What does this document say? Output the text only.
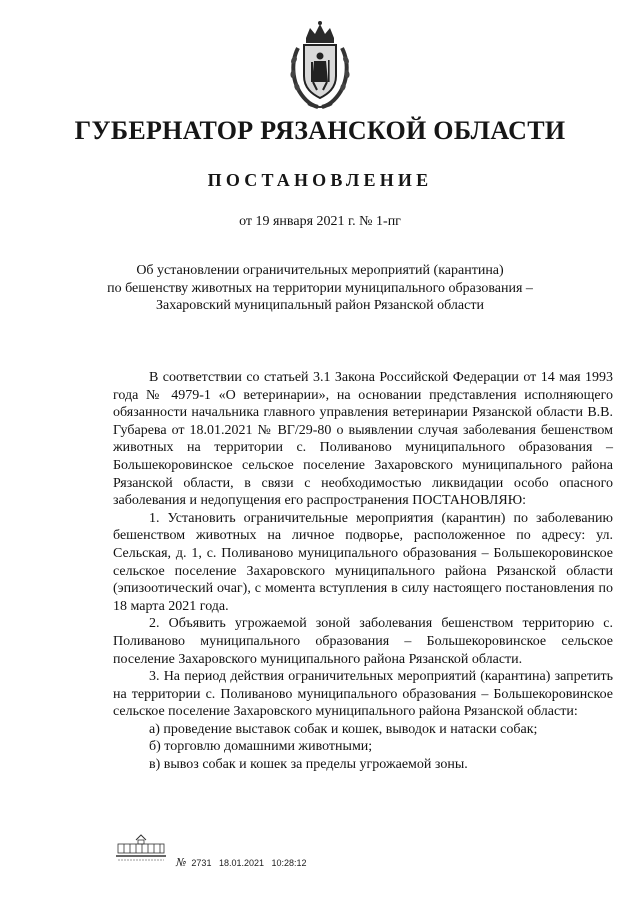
ГУБЕРНАТОР РЯЗАНСКОЙ ОБЛАСТИ
ПОСТАНОВЛЕНИЕ
от 19 января 2021 г. № 1-пг
Об установлении ограничительных мероприятий (карантина)
по бешенству животных на территории муниципального образования –
Захаровский муниципальный район Рязанской области

В соответствии со статьей 3.1 Закона Российской Федерации от 14 мая 1993 года № 4979-1 «О ветеринарии», на основании представления исполняющего обязанности начальника главного управления ветеринарии Рязанской области В.В. Губарева от 18.01.2021 № ВГ/29-80 о выявлении случая заболевания бешенством животных на территории с. Поливаново муниципального образования – Большекоровинское сельское поселение Захаровского муниципального района Рязанской области, в связи с необходимостью ликвидации особо опасного заболевания и недопущения его распространения ПОСТАНОВЛЯЮ:

1. Установить ограничительные мероприятия (карантин) по заболеванию бешенством животных на личное подворье, расположенное по адресу: ул. Сельская, д. 1, с. Поливаново муниципального образования – Большекоровинское сельское поселение Захаровского муниципального района Рязанской области (эпизоотический очаг), с момента вступления в силу настоящего постановления по 18 марта 2021 года.

2. Объявить угрожаемой зоной заболевания бешенством территорию с. Поливаново муниципального образования – Большекоровинское сельское поселение Захаровского муниципального района Рязанской области.

3. На период действия ограничительных мероприятий (карантина) запретить на территории с. Поливаново муниципального образования – Большекоровинское сельское поселение Захаровского муниципального района Рязанской области:

а) проведение выставок собак и кошек, выводок и натаски собак;

б) торговлю домашними животными;

в) вывоз собак и кошек за пределы угрожаемой зоны.

№ 2731 18.01.2021 10:28:12
